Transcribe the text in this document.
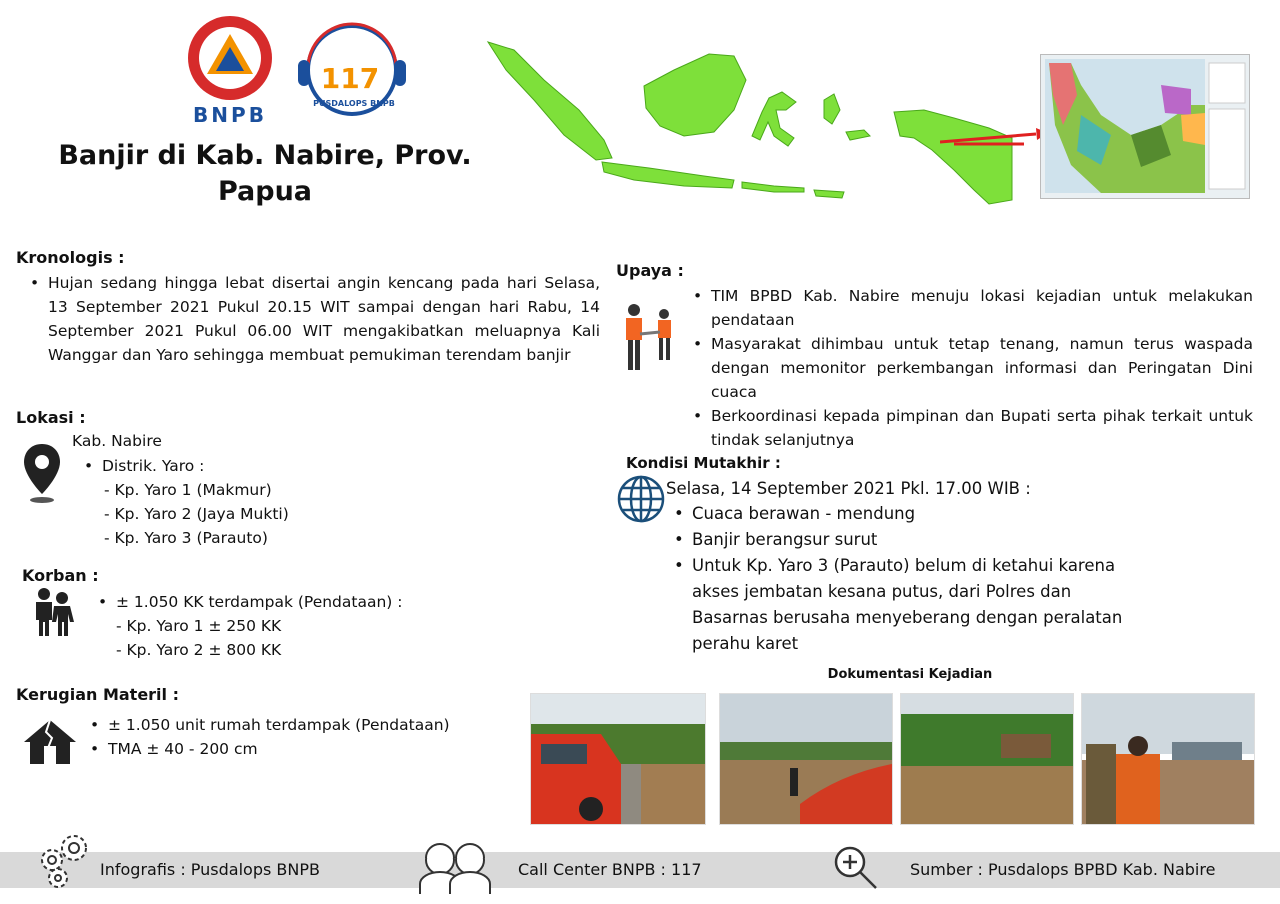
BNPB
117
PUSDALOPS BNPB
Banjir di Kab. Nabire, Prov. Papua
Kronologis :
• Hujan sedang hingga lebat disertai angin kencang pada hari Selasa, 13 September 2021 Pukul 20.15 WIT sampai dengan hari Rabu, 14 September 2021 Pukul 06.00 WIT mengakibatkan meluapnya Kali Wanggar dan Yaro sehingga membuat pemukiman terendam banjir
Lokasi :
Kab. Nabire
• Distrik. Yaro :
- Kp. Yaro 1 (Makmur)
- Kp. Yaro 2 (Jaya Mukti)
- Kp. Yaro 3 (Parauto)
Korban :
• ± 1.050 KK terdampak (Pendataan) :
- Kp. Yaro 1 ± 250 KK
- Kp. Yaro 2 ± 800 KK
Kerugian Materil :
• ± 1.050 unit rumah terdampak (Pendataan)
• TMA ± 40 - 200 cm
Upaya :
• TIM BPBD Kab. Nabire menuju lokasi kejadian untuk melakukan pendataan
• Masyarakat dihimbau untuk tetap tenang, namun terus waspada dengan memonitor perkembangan informasi dan Peringatan Dini cuaca
• Berkoordinasi kepada pimpinan dan Bupati serta pihak terkait untuk tindak selanjutnya
Kondisi Mutakhir :
Selasa, 14 September 2021 Pkl. 17.00 WIB :
• Cuaca berawan - mendung
• Banjir berangsur surut
• Untuk Kp. Yaro 3 (Parauto) belum di ketahui karena akses jembatan kesana putus, dari Polres dan Basarnas berusaha menyeberang dengan peralatan perahu karet
Dokumentasi Kejadian
Infografis : Pusdalops BNPB	Call Center BNPB : 117	Sumber : Pusdalops BPBD Kab. Nabire
